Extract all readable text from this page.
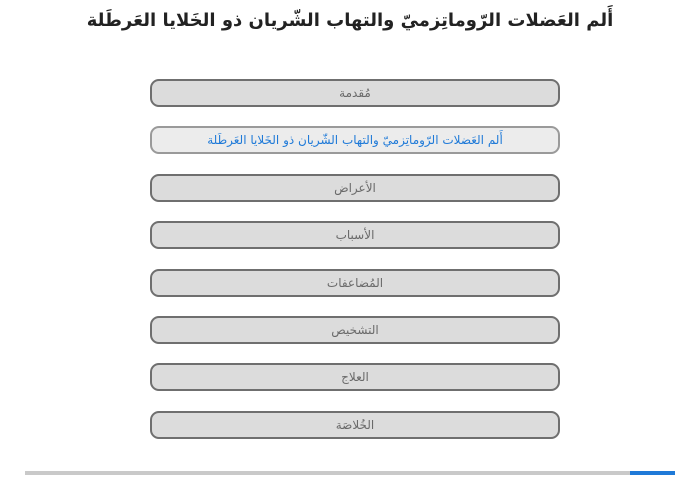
أَلم العَضلات الرّوماتِزميّ والتهاب الشّريان ذو الخَلايا العَرطَلة
مُقدمة
أَلم العَضلات الرّوماتِزميّ والتهاب الشّريان ذو الخَلايا العَرطَلة
الأعراض
الأسباب
المُضاعفات
التشخيص
العلاج
الخُلاصَة
